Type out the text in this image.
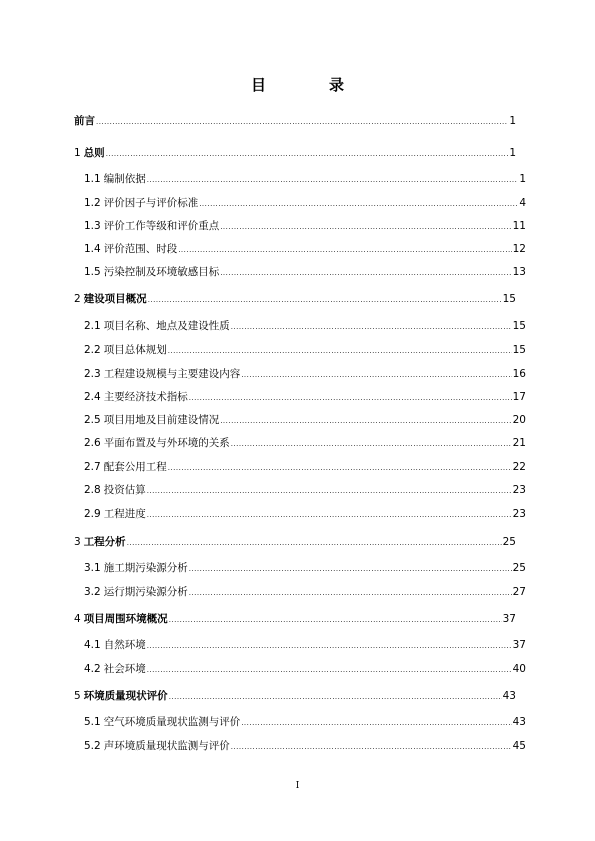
目　录
前言 .....	1
1 总则 .....	1
1.1 编制依据 .....	1
1.2 评价因子与评价标准 .....	4
1.3 评价工作等级和评价重点 .....	11
1.4 评价范围、时段 .....	12
1.5 污染控制及环境敏感目标 .....	13
2 建设项目概况 .....	15
2.1 项目名称、地点及建设性质 .....	15
2.2 项目总体规划 .....	15
2.3 工程建设规模与主要建设内容 .....	16
2.4 主要经济技术指标 .....	17
2.5 项目用地及目前建设情况 .....	20
2.6 平面布置及与外环境的关系 .....	21
2.7 配套公用工程 .....	22
2.8 投资估算 .....	23
2.9 工程进度 .....	23
3 工程分析 .....	25
3.1 施工期污染源分析 .....	25
3.2 运行期污染源分析 .....	27
4 项目周围环境概况 .....	37
4.1 自然环境 .....	37
4.2 社会环境 .....	40
5 环境质量现状评价 .....	43
5.1 空气环境质量现状监测与评价 .....	43
5.2 声环境质量现状监测与评价 .....	45
I
